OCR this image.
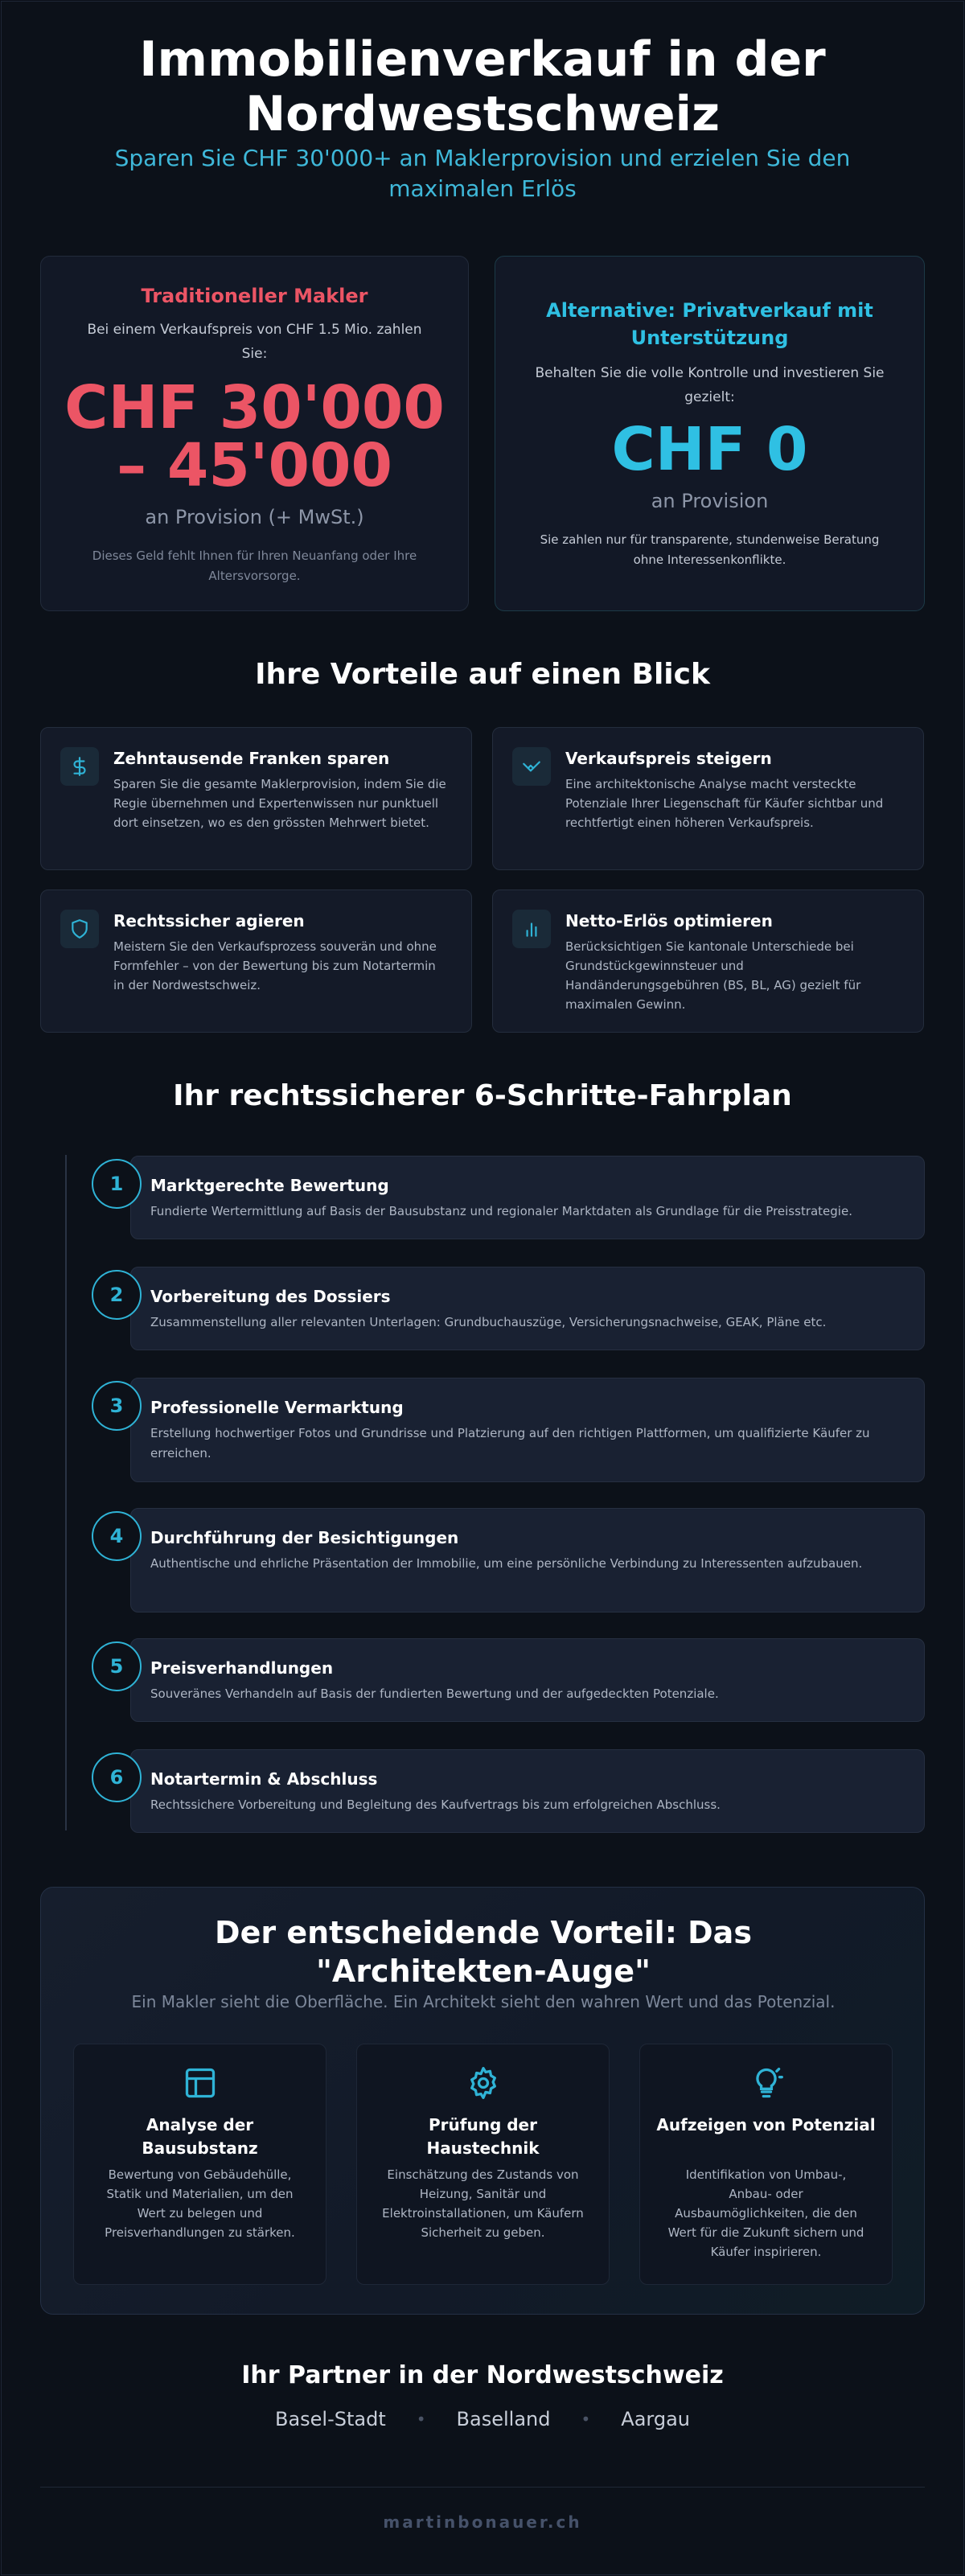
Immobilienverkauf in der Nordwestschweiz

Sparen Sie CHF 30'000+ an Maklerprovision und erzielen Sie den maximalen Erlös

Traditioneller Makler
Bei einem Verkaufspreis von CHF 1.5 Mio. zahlen Sie:
CHF 30'000 – 45'000
an Provision (+ MwSt.)
Dieses Geld fehlt Ihnen für Ihren Neuanfang oder Ihre Altersvorsorge.
Alternative: Privatverkauf mit Unterstützung
Behalten Sie die volle Kontrolle und investieren Sie gezielt:
CHF 0
an Provision
Sie zahlen nur für transparente, stundenweise Beratung ohne Interessenkonflikte.
Ihre Vorteile auf einen Blick
Zehntausende Franken sparen
Sparen Sie die gesamte Maklerprovision, indem Sie die Regie übernehmen und Expertenwissen nur punktuell dort einsetzen, wo es den grössten Mehrwert bietet.
Verkaufspreis steigern
Eine architektonische Analyse macht versteckte Potenziale Ihrer Liegenschaft für Käufer sichtbar und rechtfertigt einen höheren Verkaufspreis.
Rechtssicher agieren
Meistern Sie den Verkaufsprozess souverän und ohne Formfehler – von der Bewertung bis zum Notartermin in der Nordwestschweiz.
Netto-Erlös optimieren
Berücksichtigen Sie kantonale Unterschiede bei Grundstückgewinnsteuer und Handänderungsgebühren (BS, BL, AG) gezielt für maximalen Gewinn.
Ihr rechtssicherer 6-Schritte-Fahrplan
Marktgerechte Bewertung
Fundierte Wertermittlung auf Basis der Bausubstanz und regionaler Marktdaten als Grundlage für die Preisstrategie.
1
Vorbereitung des Dossiers
Zusammenstellung aller relevanten Unterlagen: Grundbuchauszüge, Versicherungsnachweise, GEAK, Pläne etc.
2
Professionelle Vermarktung
Erstellung hochwertiger Fotos und Grundrisse und Platzierung auf den richtigen Plattformen, um qualifizierte Käufer zu erreichen.
3
Durchführung der Besichtigungen
Authentische und ehrliche Präsentation der Immobilie, um eine persönliche Verbindung zu Interessenten aufzubauen.
4
Preisverhandlungen
Souveränes Verhandeln auf Basis der fundierten Bewertung und der aufgedeckten Potenziale.
5
Notartermin & Abschluss
Rechtssichere Vorbereitung und Begleitung des Kaufvertrags bis zum erfolgreichen Abschluss.
6
Der entscheidende Vorteil: Das "Architekten-Auge"

Ein Makler sieht die Oberfläche. Ein Architekt sieht den wahren Wert und das Potenzial.

Analyse der Bausubstanz
Bewertung von Gebäudehülle, Statik und Materialien, um den Wert zu belegen und Preisverhandlungen zu stärken.
Prüfung der Haustechnik
Einschätzung des Zustands von Heizung, Sanitär und Elektroinstallationen, um Käufern Sicherheit zu geben.
Aufzeigen von Potenzial
Identifikation von Umbau-, Anbau- oder Ausbaumöglichkeiten, die den Wert für die Zukunft sichern und Käufer inspirieren.
Ihr Partner in der Nordwestschweiz
Basel-Stadt • Baselland • Aargau
martinbonauer.ch
